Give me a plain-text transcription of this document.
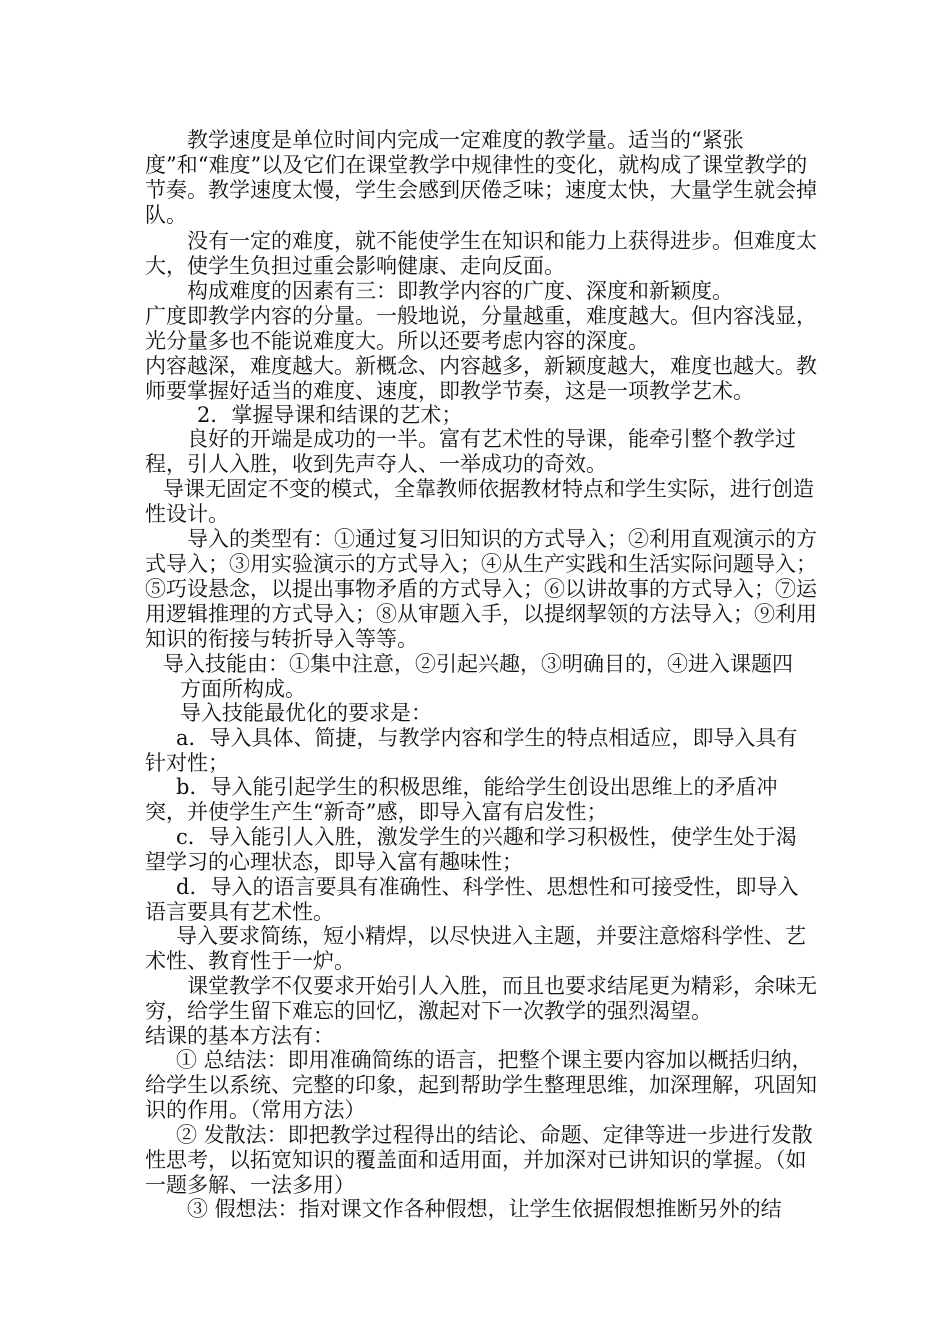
教学速度是单位时间内完成一定难度的教学量。适当的“紧张度”和“难度”以及它们在课堂教学中规律性的变化，就构成了课堂教学的节奏。教学速度太慢，学生会感到厌倦乏味；速度太快，大量学生就会掉队。

没有一定的难度，就不能使学生在知识和能力上获得进步。但难度太大，使学生负担过重会影响健康、走向反面。

构成难度的因素有三：即教学内容的广度、深度和新颖度。

广度即教学内容的分量。一般地说，分量越重，难度越大。但内容浅显，光分量多也不能说难度大。所以还要考虑内容的深度。

内容越深，难度越大。新概念、内容越多，新颖度越大，难度也越大。教师要掌握好适当的难度、速度，即教学节奏，这是一项教学艺术。

2．掌握导课和结课的艺术；

良好的开端是成功的一半。富有艺术性的导课，能牵引整个教学过程，引人入胜，收到先声夺人、一举成功的奇效。

导课无固定不变的模式，全靠教师依据教材特点和学生实际，进行创造性设计。

导入的类型有：①通过复习旧知识的方式导入；②利用直观演示的方式导入；③用实验演示的方式导入；④从生产实践和生活实际问题导入；⑤巧设悬念，以提出事物矛盾的方式导入；⑥以讲故事的方式导入；⑦运用逻辑推理的方式导入；⑧从审题入手，以提纲挈领的方法导入；⑨利用知识的衔接与转折导入等等。

导入技能由：①集中注意，②引起兴趣，③明确目的，④进入课题四

方面所构成。

导入技能最优化的要求是：

a．导入具体、简捷，与教学内容和学生的特点相适应，即导入具有针对性；

b．导入能引起学生的积极思维，能给学生创设出思维上的矛盾冲突，并使学生产生“新奇”感，即导入富有启发性；

c．导入能引人入胜，激发学生的兴趣和学习积极性，使学生处于渴望学习的心理状态，即导入富有趣味性；

d．导入的语言要具有准确性、科学性、思想性和可接受性，即导入语言要具有艺术性。

导入要求简练，短小精焊，以尽快进入主题，并要注意熔科学性、艺术性、教育性于一炉。

课堂教学不仅要求开始引人入胜，而且也要求结尾更为精彩，余味无穷，给学生留下难忘的回忆，激起对下一次教学的强烈渴望。

结课的基本方法有：

① 总结法：即用准确简练的语言，把整个课主要内容加以概括归纳，给学生以系统、完整的印象，起到帮助学生整理思维，加深理解，巩固知识的作用。（常用方法）

② 发散法：即把教学过程得出的结论、命题、定律等进一步进行发散性思考，以拓宽知识的覆盖面和适用面，并加深对已讲知识的掌握。（如一题多解、一法多用）

③ 假想法：指对课文作各种假想，让学生依据假想推断另外的结
